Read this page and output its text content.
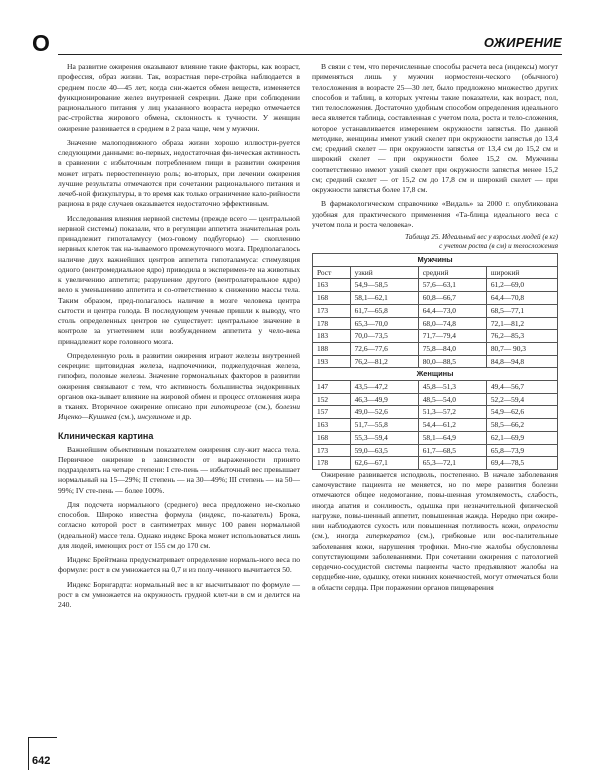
О	ОЖИРЕНИЕ

На развитие ожирения оказывают влияние такие факторы, как возраст, профессия, образ жизни. Так, возрастная пере-стройка наблюдается в среднем после 40—45 лет, когда сни-жается обмен веществ, изменяется функционирование желез внутренней секреции. Даже при соблюдении рационального питания у лиц указанного возраста нередко отмечается рас-стройства жирового обмена, склонность к тучности. У женщин ожирение развивается в среднем в 2 раза чаще, чем у мужчин.

Значение малоподвижного образа жизни хорошо иллюстри-руется следующими данными: во-первых, недостаточная фи-зическая активность в сравнении с избыточным потреблением пищи в развитии ожирения может играть первостепенную роль; во-вторых, при лечении ожирения лучшие результаты отмечаются при сочетании рационального питания и лечеб-ной физкультуры, в то время как только ограничение кало-рийности рациона в ряде случаев оказывается недостаточно эффективным.

Исследования влияния нервной системы (прежде всего — центральной нервной системы) показали, что в регуляции аппетита значительная роль принадлежит гипоталамусу (моз-говому подбугорью) — скоплению нервных клеток так на-зываемого промежуточного мозга. Предполагалось наличие двух важнейших центров аппетита гипоталамуса: стимуляция одного (вентромедиальное ядро) приводила в эксперимен-те на животных к увеличению аппетита; разрушение другого (вентролатеральное ядро) вело к уменьшению аппетита и со-ответственно к снижению массы тела. Таким образом, пред-полагалось наличие в мозге человека центра сытости и центра голода. В последующем ученые пришли к выводу, что столь определенных центров не существует: центральное значение в контроле за угнетением или возбуждением аппетита у чело-века принадлежит коре головного мозга.

Определенную роль в развитии ожирения играют железы внутренней секреции: щитовидная железа, надпочечники, поджелудочная железа, гипофиз, половые железы. Значение гормональных факторов в развитии ожирения связывают с тем, что активность большинства эндокринных органов ока-зывает влияние на жировой обмен и процесс отложения жира в тканях. Вторичное ожирение описано при гипотиреозе (см.), болезни Иценко—Кушинга (см.), инсулиноме и др.

Клиническая картина

Важнейшим объективным показателем ожирения слу-жит масса тела. Первичное ожирение в зависимости от выраженности принято подразделять на четыре степени: I сте-пень — избыточный вес превышает нормальный на 15—29%; II степень — на 30—49%; III степень — на 50—99%; IV сте-пень — более 100%.

Для подсчета нормального (среднего) веса предложено не-сколько способов. Широко известна формула (индекс, по-казатель) Брока, согласно которой рост в сантиметрах минус 100 равен нормальной (идеальной) массе тела. Однако индекс Брока может использоваться лишь для людей, имеющих рост от 155 см до 170 см.

Индекс Брейтмана предусматривает определение нормаль-ного веса по формуле: рост в см умножается на 0,7 и из полу-ченного вычитается 50.

Индекс Борнгардта: нормальный вес в кг высчитывают по формуле — рост в см умножается на окружность грудной клет-ки в см и делится на 240.

В связи с тем, что перечисленные способы расчета веса (индексы) могут применяться лишь у мужчин нормостени-ческого (обычного) телосложения в возрасте 25—30 лет, было предложено множество других способов и таблиц, в которых учтены такие показатели, как возраст, пол, тип телосложения. Достаточно удобным способом определения идеального веса является таблица, составленная с учетом пола, роста и тело-сложения, которое устанавливается измерением окружности запястья. По данной методике, женщины имеют узкий скелет при окружности запястья до 13,4 см; средний скелет — при окружности запястья от 13,4 см до 15,2 см и широкий скелет — при окружности более 15,2 см. Мужчины соответственно имеют узкий скелет при окружности запястья менее 15,2 см; средний скелет — от 15,2 см до 17,8 см и широкий скелет — при окружности запястья более 17,8 см.

В фармакологическом справочнике «Видаль» за 2000 г. опубликована удобная для практического применения «Та-блица идеального веса с учетом пола и роста человека».

Таблица 25. Идеальный вес у взрослых людей (в кг)
с учетом роста (в см) и телосложения
Мужчины			
Рост	узкий	средний	широкий
163	54,9—58,5	57,6—63,1	61,2—69,0
168	58,1—62,1	60,8—66,7	64,4—70,8
173	61,7—65,8	64,4—73,0	68,5—77,1
178	65,3—70,0	68,0—74,8	72,1—81,2
183	70,0—73,5	71,7—79,4	76,2—85,3
188	72,6—77,6	75,8—84,0	80,7— 90,3
193	76,2—81,2	80,0—88,5	84,8—94,8
Женщины			
147	43,5—47,2	45,8—51,3	49,4—56,7
152	46,3—49,9	48,5—54,0	52,2—59,4
157	49,0—52,6	51,3—57,2	54,9—62,6
163	51,7—55,8	54,4—61,2	58,5—66,2
168	55,3—59,4	58,1—64,9	62,1—69,9
173	59,0—63,5	61,7—68,5	65,8—73,9
178	62,6—67,1	65,3—72,1	69,4—78,5

Ожирение развивается исподволь, постепенно. В начале заболевания самочувствие пациента не меняется, но по мере развития болезни отмечаются общее недомогание, повы-шенная утомляемость, слабость, иногда апатия и сонливость, одышка при незначительной физической нагрузке, повы-шенный аппетит, повышенная жажда. Нередко при ожире-нии наблюдаются сухость или повышенная потливость кожи, опрелости (см.), иногда гиперкератоз (см.), грибковые или вос-палительные заболевания кожи, нарушения трофики. Мно-гие жалобы обусловлены сопутствующими заболеваниями. При сочетании ожирения с патологией сердечно-сосудистой системы пациенты часто предъявляют жалобы на сердцебие-ние, одышку, отеки нижних конечностей, могут отмечаться боли в области сердца. При поражении органов пищеварения

642
